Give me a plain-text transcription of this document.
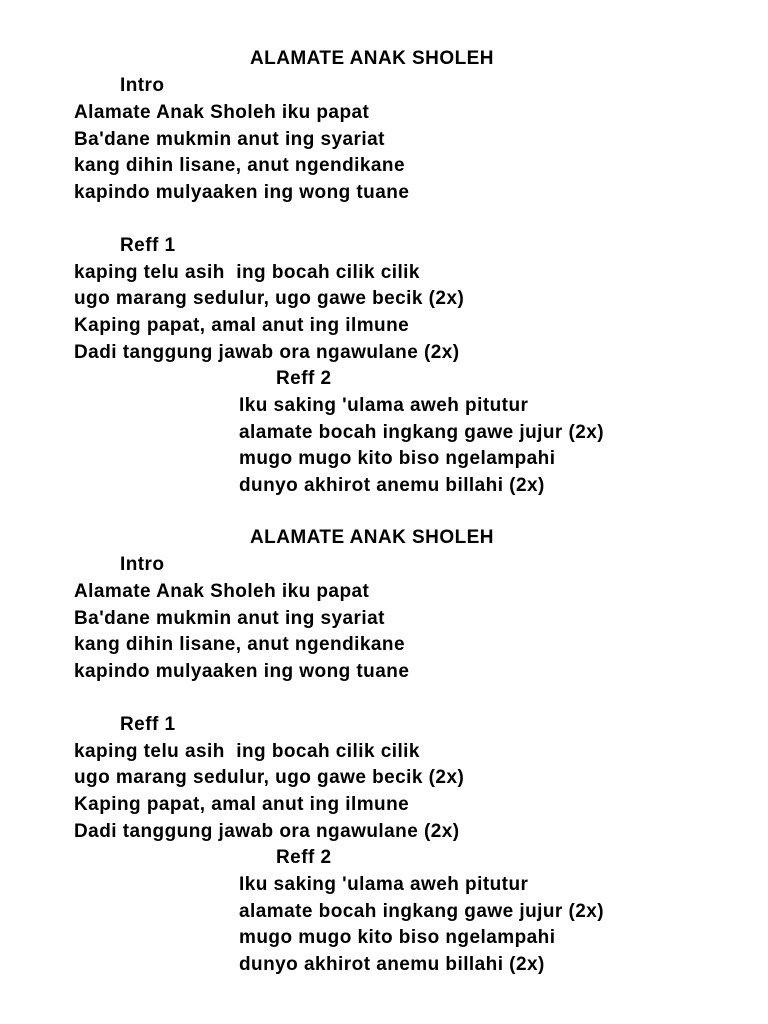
ALAMATE ANAK SHOLEH
Intro
Alamate Anak Sholeh iku papat
Ba'dane mukmin anut ing syariat
kang dihin lisane, anut ngendikane
kapindo mulyaaken ing wong tuane
Reff 1
kaping telu asih  ing bocah cilik cilik
ugo marang sedulur, ugo gawe becik (2x)
Kaping papat, amal anut ing ilmune
Dadi tanggung jawab ora ngawulane (2x)
Reff 2
Iku saking 'ulama aweh pitutur
alamate bocah ingkang gawe jujur (2x)
mugo mugo kito biso ngelampahi
dunyo akhirot anemu billahi (2x)
ALAMATE ANAK SHOLEH
Intro
Alamate Anak Sholeh iku papat
Ba'dane mukmin anut ing syariat
kang dihin lisane, anut ngendikane
kapindo mulyaaken ing wong tuane
Reff 1
kaping telu asih  ing bocah cilik cilik
ugo marang sedulur, ugo gawe becik (2x)
Kaping papat, amal anut ing ilmune
Dadi tanggung jawab ora ngawulane (2x)
Reff 2
Iku saking 'ulama aweh pitutur
alamate bocah ingkang gawe jujur (2x)
mugo mugo kito biso ngelampahi
dunyo akhirot anemu billahi (2x)
